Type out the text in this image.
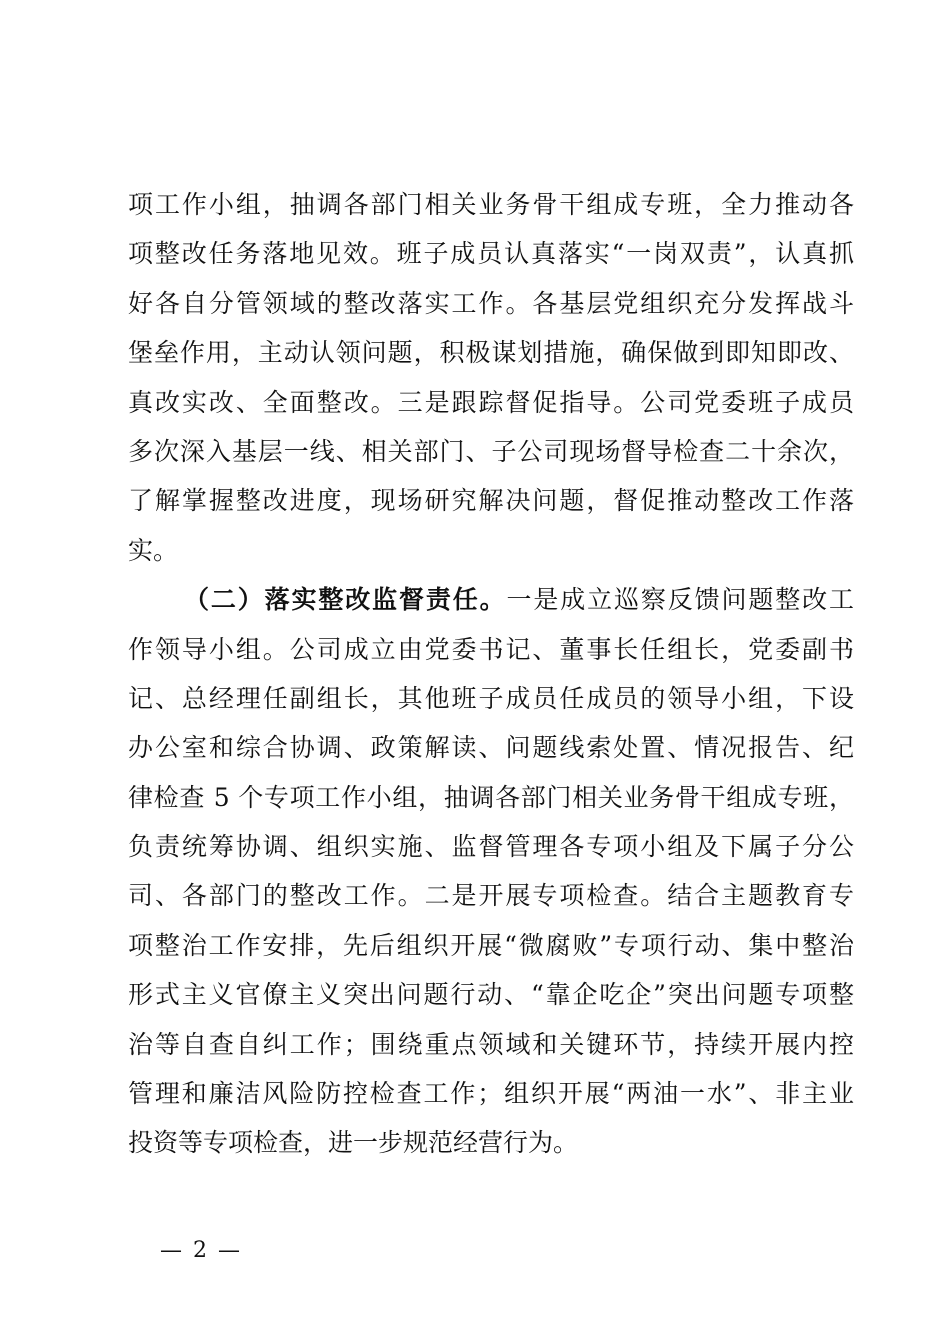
项工作小组，抽调各部门相关业务骨干组成专班，全力推动各
项整改任务落地见效。班子成员认真落实“一岗双责”，认真抓
好各自分管领域的整改落实工作。各基层党组织充分发挥战斗
堡垒作用，主动认领问题，积极谋划措施，确保做到即知即改、
真改实改、全面整改。三是跟踪督促指导。公司党委班子成员
多次深入基层一线、相关部门、子公司现场督导检查二十余次，
了解掌握整改进度，现场研究解决问题，督促推动整改工作落
实。
（二）落实整改监督责任。一是成立巡察反馈问题整改工
作领导小组。公司成立由党委书记、董事长任组长，党委副书
记、总经理任副组长，其他班子成员任成员的领导小组，下设
办公室和综合协调、政策解读、问题线索处置、情况报告、纪
律检查 5 个专项工作小组，抽调各部门相关业务骨干组成专班，
负责统筹协调、组织实施、监督管理各专项小组及下属子分公
司、各部门的整改工作。二是开展专项检查。结合主题教育专
项整治工作安排，先后组织开展“微腐败”专项行动、集中整治
形式主义官僚主义突出问题行动、“靠企吃企”突出问题专项整
治等自查自纠工作；围绕重点领域和关键环节，持续开展内控
管理和廉洁风险防控检查工作；组织开展“两油一水”、非主业
投资等专项检查，进一步规范经营行为。
— 2 —
